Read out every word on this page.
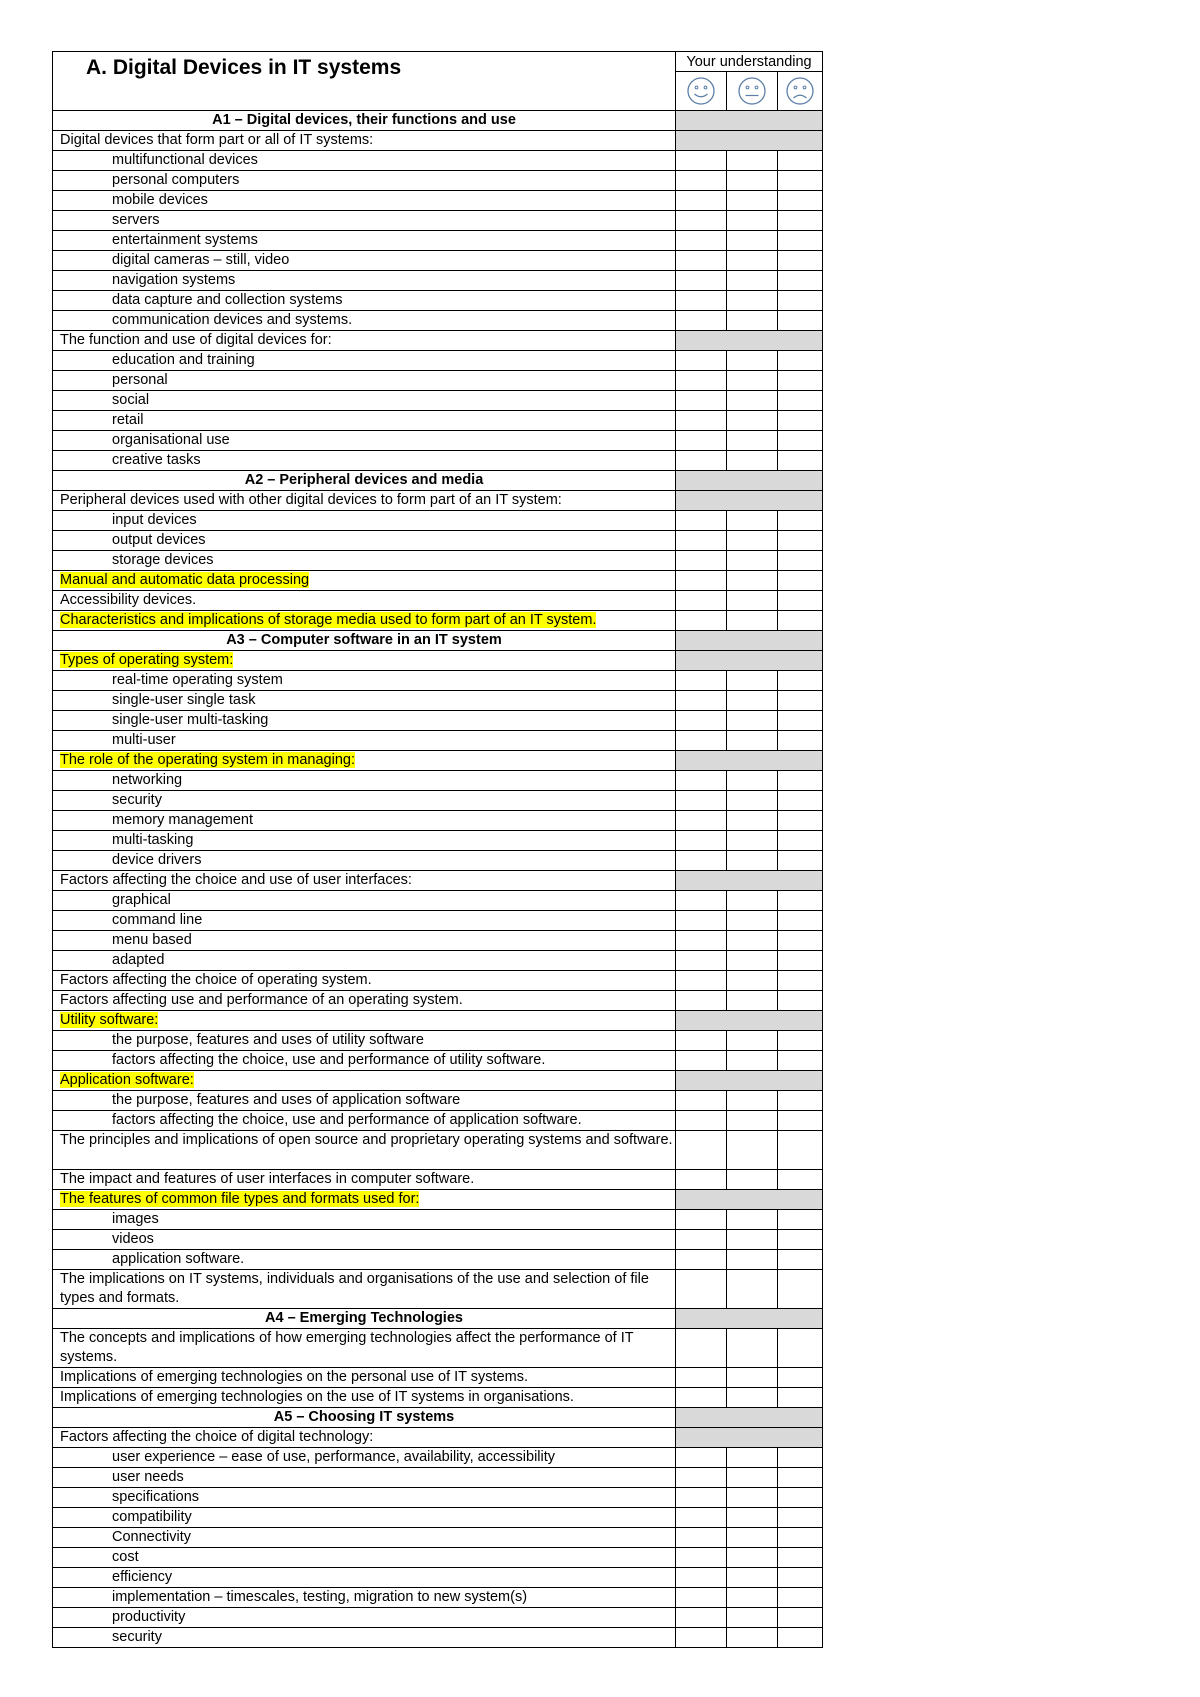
A. Digital Devices in IT systems	Your understanding		

A1 – Digital devices, their functions and use			
Digital devices that form part or all of IT systems:			
multifunctional devices			
personal computers			
mobile devices			
servers			
entertainment systems			
digital cameras – still, video			
navigation systems			
data capture and collection systems			
communication devices and systems.			
The function and use of digital devices for:			
education and training			
personal			
social			
retail			
organisational use			
creative tasks			
A2 – Peripheral devices and media			
Peripheral devices used with other digital devices to form part of an IT system:			
input devices			
output devices			
storage devices			
Manual and automatic data processing			
Accessibility devices.			
Characteristics and implications of storage media used to form part of an IT system.			
A3 – Computer software in an IT system			
Types of operating system:			
real-time operating system			
single-user single task			
single-user multi-tasking			
multi-user			
The role of the operating system in managing:			
networking			
security			
memory management			
multi-tasking			
device drivers			
Factors affecting the choice and use of user interfaces:			
graphical			
command line			
menu based			
adapted			
Factors affecting the choice of operating system.			
Factors affecting use and performance of an operating system.			
Utility software:			
the purpose, features and uses of utility software			
factors affecting the choice, use and performance of utility software.			
Application software:			
the purpose, features and uses of application software			
factors affecting the choice, use and performance of application software.			
The principles and implications of open source and proprietary operating systems and software.			
The impact and features of user interfaces in computer software.			
The features of common file types and formats used for:			
images			
videos			
application software.			
The implications on IT systems, individuals and organisations of the use and selection of file types and formats.			
A4 – Emerging Technologies			
The concepts and implications of how emerging technologies affect the performance of IT systems.			
Implications of emerging technologies on the personal use of IT systems.			
Implications of emerging technologies on the use of IT systems in organisations.			
A5 – Choosing IT systems			
Factors affecting the choice of digital technology:			
user experience – ease of use, performance, availability, accessibility			
user needs			
specifications			
compatibility			
Connectivity			
cost			
efficiency			
implementation – timescales, testing, migration to new system(s)			
productivity			
security			
